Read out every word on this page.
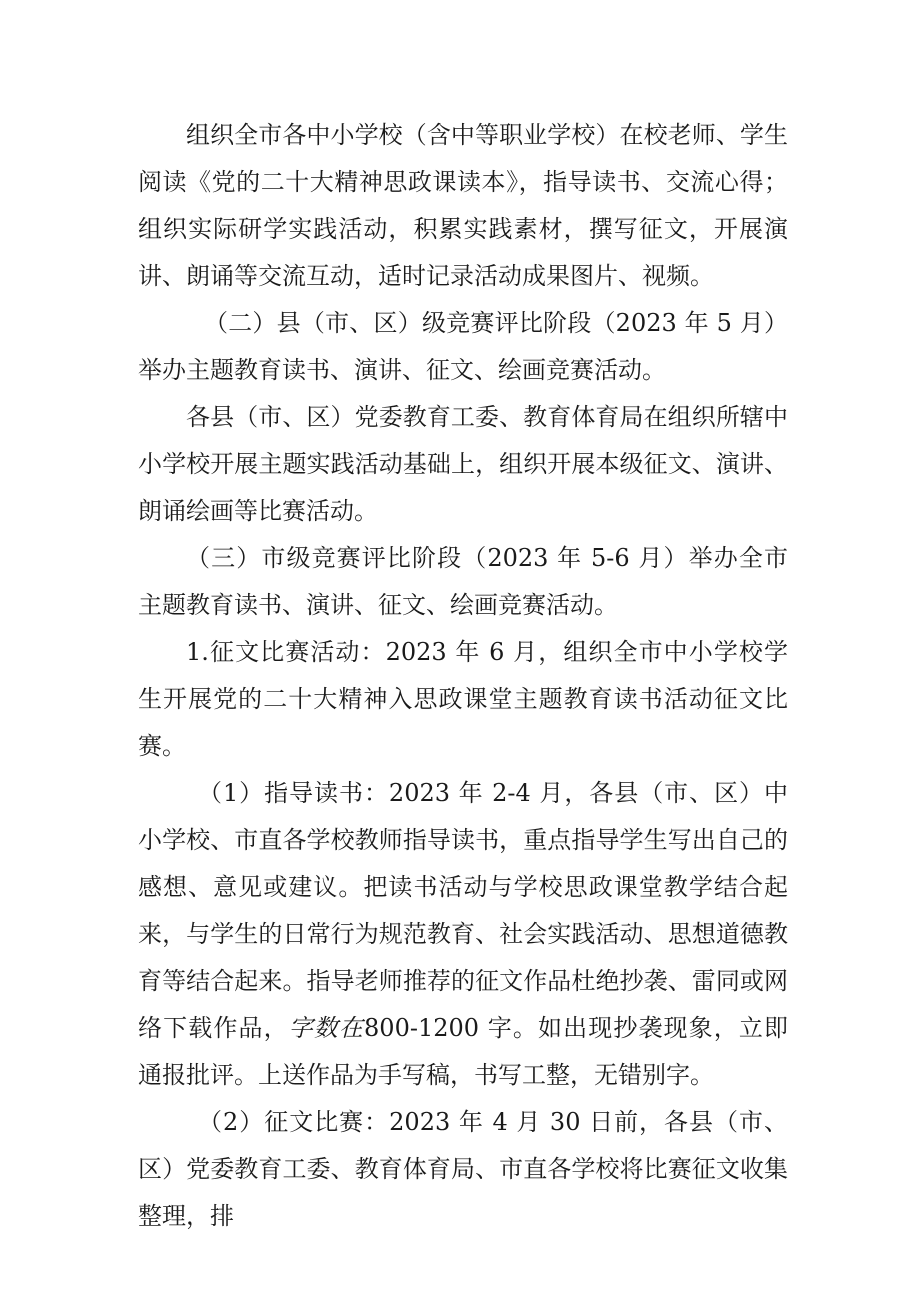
组织全市各中小学校（含中等职业学校）在校老师、学生阅读《党的二十大精神思政课读本》，指导读书、交流心得；组织实际研学实践活动，积累实践素材，撰写征文，开展演讲、朗诵等交流互动，适时记录活动成果图片、视频。

（二）县（市、区）级竞赛评比阶段（2023 年 5 月）举办主题教育读书、演讲、征文、绘画竞赛活动。

各县（市、区）党委教育工委、教育体育局在组织所辖中小学校开展主题实践活动基础上，组织开展本级征文、演讲、朗诵绘画等比赛活动。

（三）市级竞赛评比阶段（2023 年 5-6 月）举办全市主题教育读书、演讲、征文、绘画竞赛活动。

1.征文比赛活动：2023 年 6 月，组织全市中小学校学生开展党的二十大精神入思政课堂主题教育读书活动征文比赛。

（1）指导读书：2023 年 2-4 月，各县（市、区）中小学校、市直各学校教师指导读书，重点指导学生写出自己的感想、意见或建议。把读书活动与学校思政课堂教学结合起来，与学生的日常行为规范教育、社会实践活动、思想道德教育等结合起来。指导老师推荐的征文作品杜绝抄袭、雷同或网络下载作品，字数在800-1200 字。如出现抄袭现象，立即通报批评。上送作品为手写稿，书写工整，无错别字。

（2）征文比赛：2023 年 4 月 30 日前，各县（市、区）党委教育工委、教育体育局、市直各学校将比赛征文收集整理，排
